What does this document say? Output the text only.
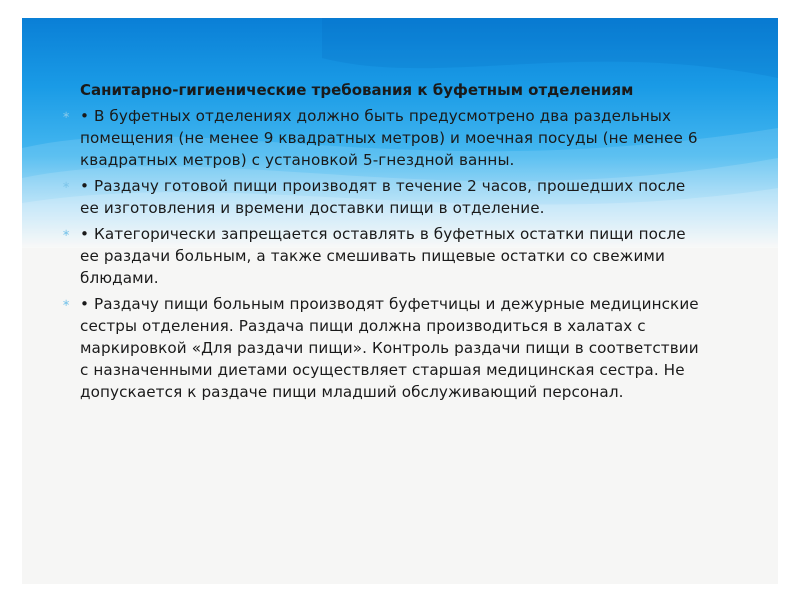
Санитарно-гигиенические требования к буфетным отделениям
∗ • В буфетных отделениях должно быть предусмотрено два раздельных помещения (не менее 9 квадратных метров) и моечная посуды (не менее 6 квадратных метров) с установкой 5-гнездной ванны.
∗ • Раздачу готовой пищи производят в течение 2 часов, прошедших после ее изготовления и времени доставки пищи в отделение.
∗ • Категорически запрещается оставлять в буфетных остатки пищи после ее раздачи больным, а также смешивать пищевые остатки со свежими блюдами.
∗ • Раздачу пищи больным производят буфетчицы и дежурные медицинские сестры отделения. Раздача пищи должна производиться в халатах с маркировкой «Для раздачи пищи». Контроль раздачи пищи в соответствии с назначенными диетами осуществляет старшая медицинская сестра. Не допускается к раздаче пищи младший обслуживающий персонал.
